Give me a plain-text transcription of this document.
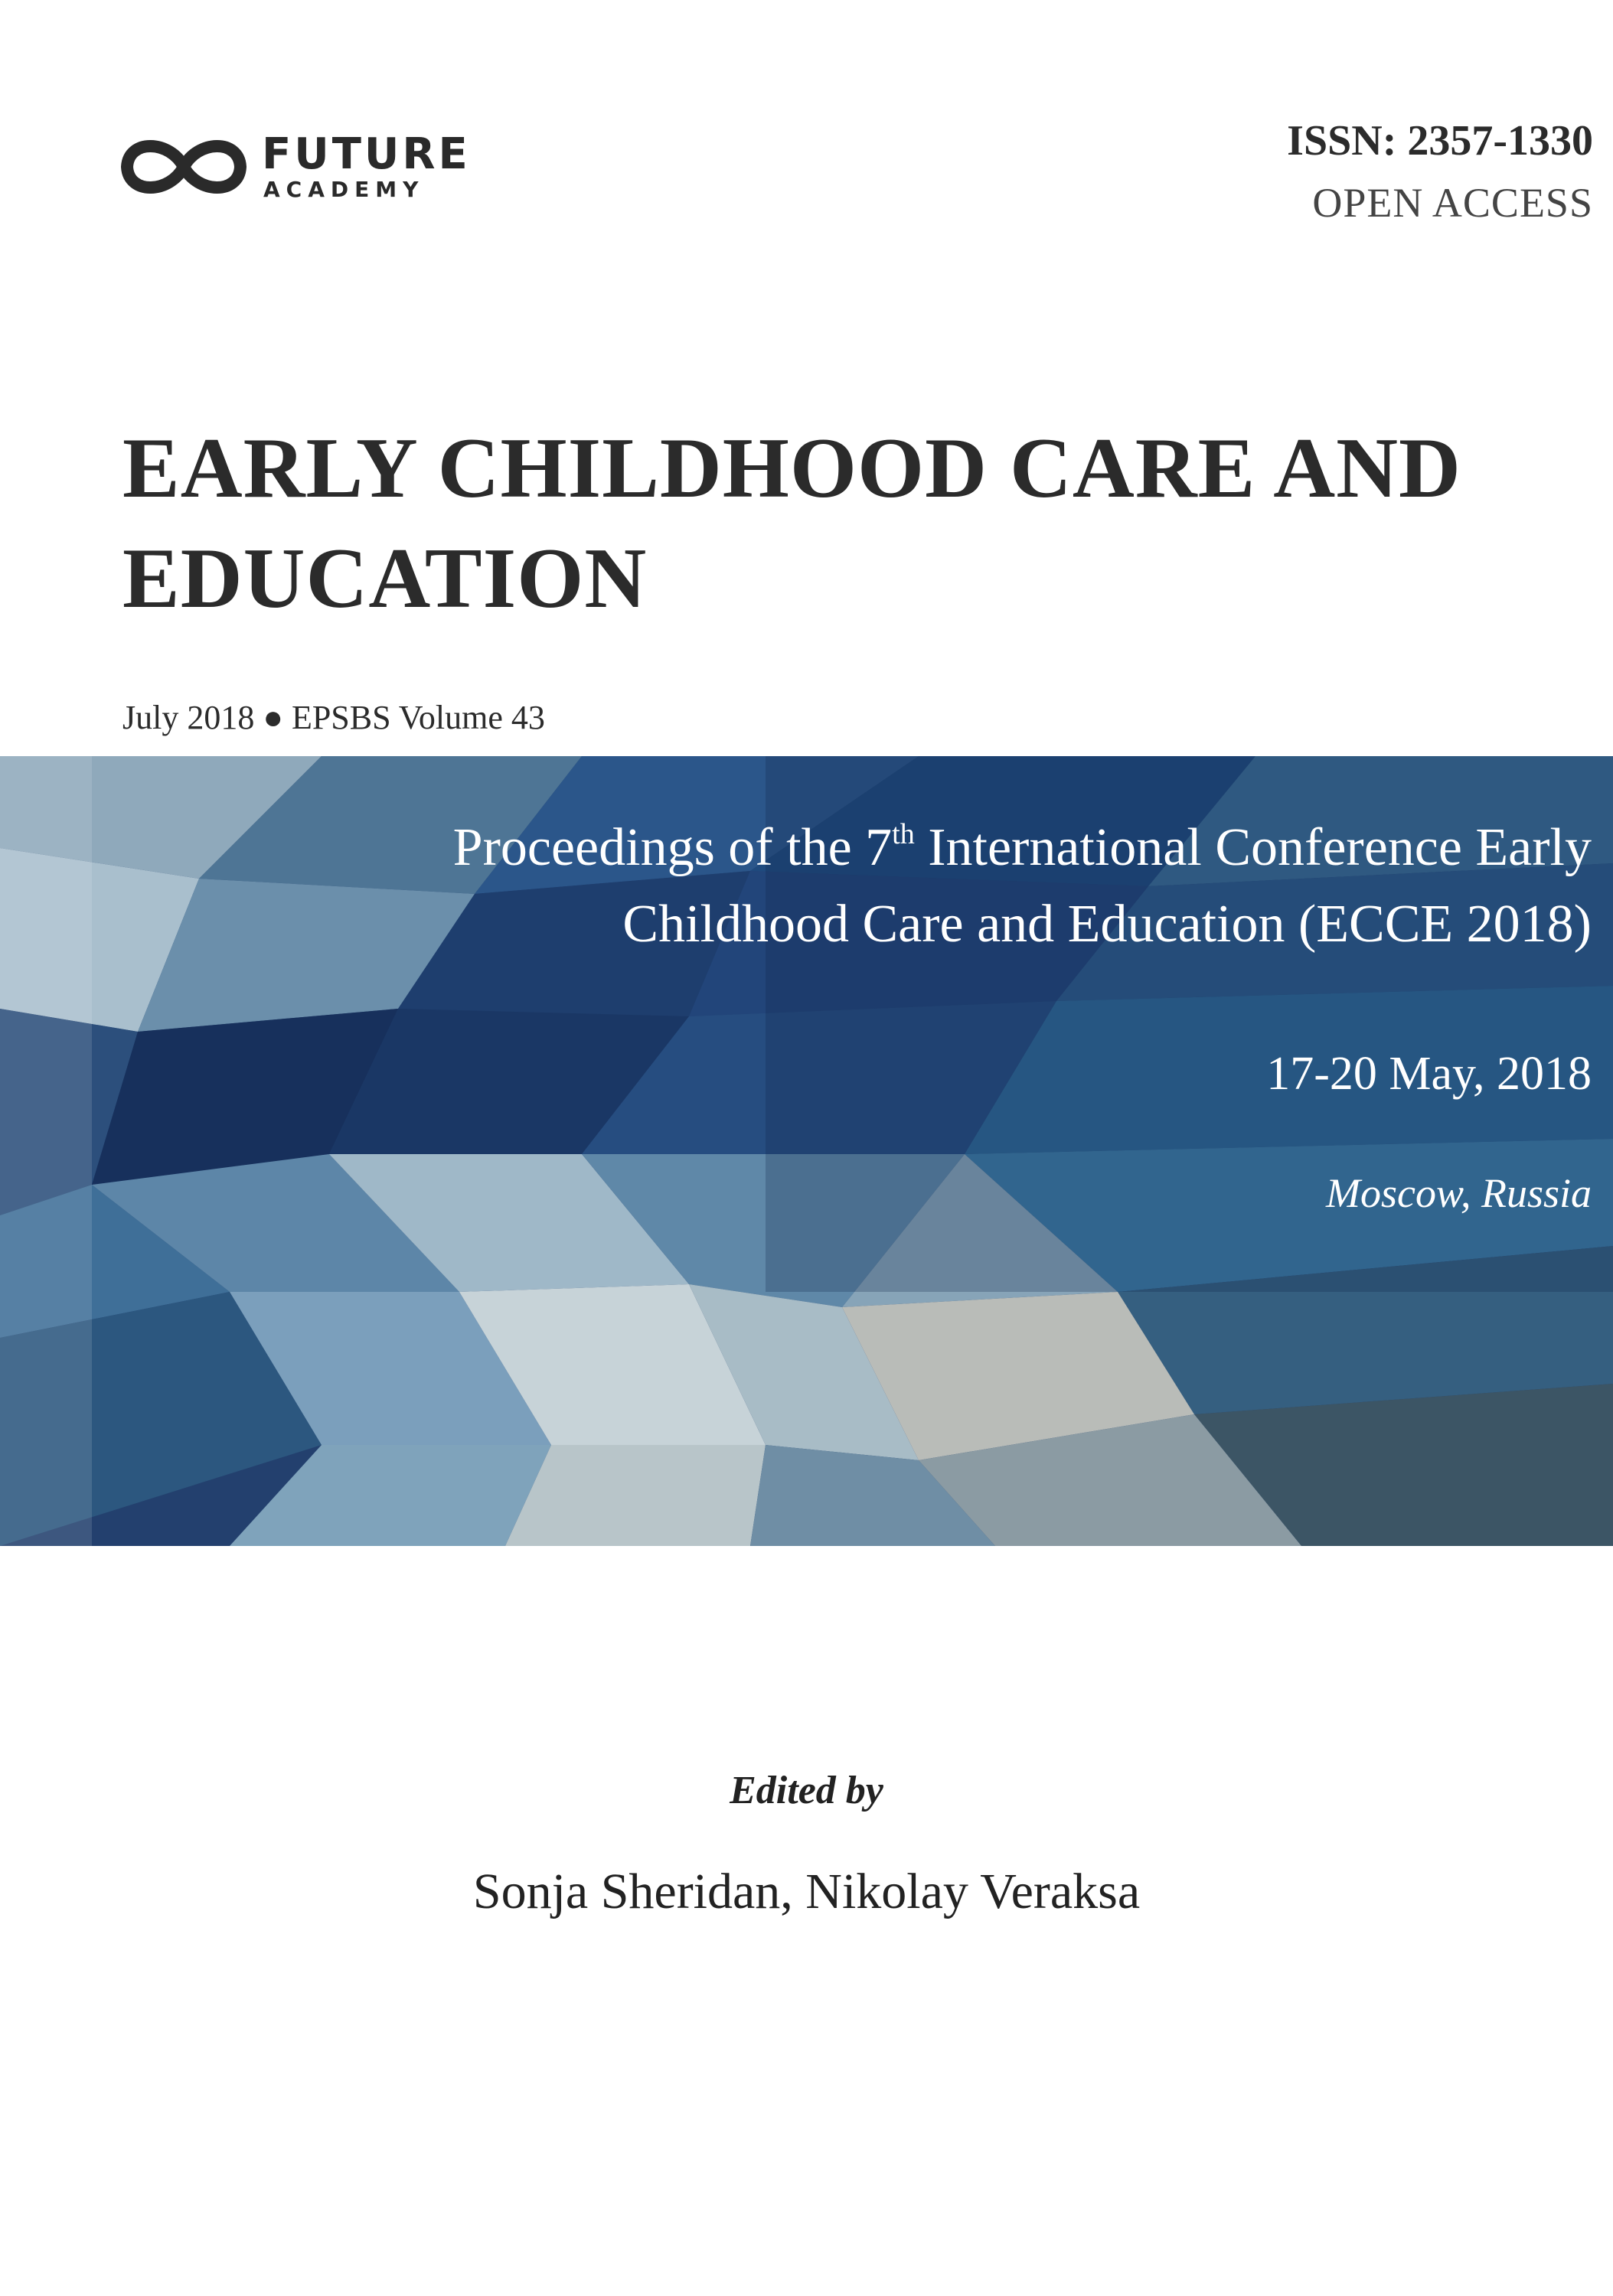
FUTURE
ACADEMY
ISSN: 2357-1330
OPEN ACCESS
EARLY CHILDHOOD CARE AND
EDUCATION
July 2018 ● EPSBS Volume 43
Proceedings of the 7th International Conference Early
Childhood Care and Education (ECCE 2018)
17-20 May, 2018
Moscow, Russia
Edited by
Sonja Sheridan, Nikolay Veraksa
